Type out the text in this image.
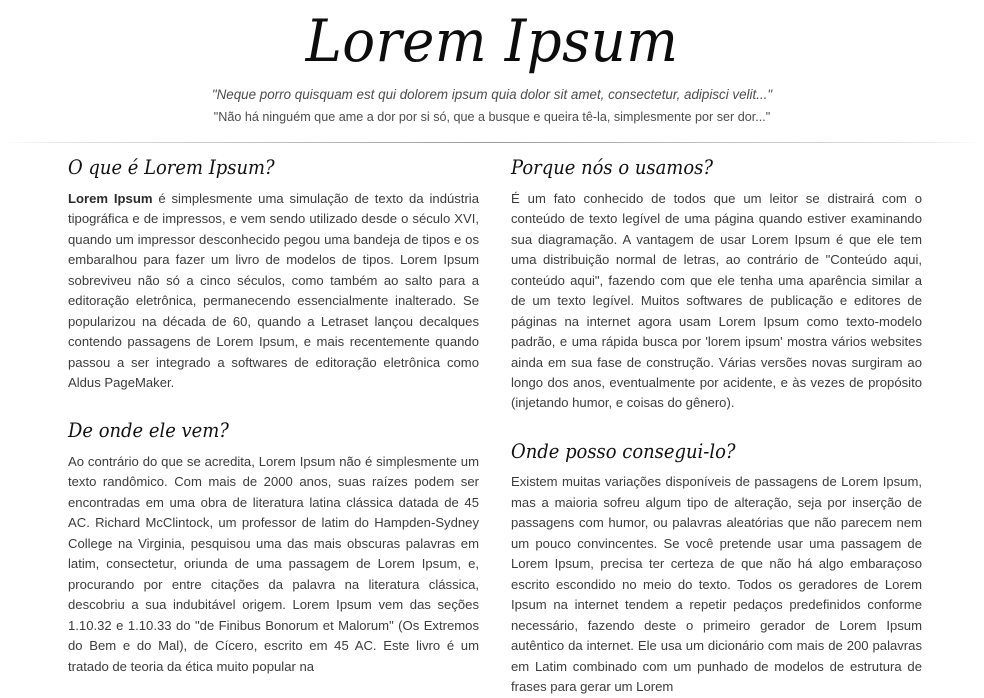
Lorem Ipsum

"Neque porro quisquam est qui dolorem ipsum quia dolor sit amet, consectetur, adipisci velit..."

"Não há ninguém que ame a dor por si só, que a busque e queira tê-la, simplesmente por ser dor..."

O que é Lorem Ipsum?

Lorem Ipsum é simplesmente uma simulação de texto da indústria tipográfica e de impressos, e vem sendo utilizado desde o século XVI, quando um impressor desconhecido pegou uma bandeja de tipos e os embaralhou para fazer um livro de modelos de tipos. Lorem Ipsum sobreviveu não só a cinco séculos, como também ao salto para a editoração eletrônica, permanecendo essencialmente inalterado. Se popularizou na década de 60, quando a Letraset lançou decalques contendo passagens de Lorem Ipsum, e mais recentemente quando passou a ser integrado a softwares de editoração eletrônica como Aldus PageMaker.

De onde ele vem?

Ao contrário do que se acredita, Lorem Ipsum não é simplesmente um texto randômico. Com mais de 2000 anos, suas raízes podem ser encontradas em uma obra de literatura latina clássica datada de 45 AC. Richard McClintock, um professor de latim do Hampden-Sydney College na Virginia, pesquisou uma das mais obscuras palavras em latim, consectetur, oriunda de uma passagem de Lorem Ipsum, e, procurando por entre citações da palavra na literatura clássica, descobriu a sua indubitável origem. Lorem Ipsum vem das seções 1.10.32 e 1.10.33 do "de Finibus Bonorum et Malorum" (Os Extremos do Bem e do Mal), de Cícero, escrito em 45 AC. Este livro é um tratado de teoria da ética muito popular na

Porque nós o usamos?

É um fato conhecido de todos que um leitor se distrairá com o conteúdo de texto legível de uma página quando estiver examinando sua diagramação. A vantagem de usar Lorem Ipsum é que ele tem uma distribuição normal de letras, ao contrário de "Conteúdo aqui, conteúdo aqui", fazendo com que ele tenha uma aparência similar a de um texto legível. Muitos softwares de publicação e editores de páginas na internet agora usam Lorem Ipsum como texto-modelo padrão, e uma rápida busca por 'lorem ipsum' mostra vários websites ainda em sua fase de construção. Várias versões novas surgiram ao longo dos anos, eventualmente por acidente, e às vezes de propósito (injetando humor, e coisas do gênero).

Onde posso consegui-lo?

Existem muitas variações disponíveis de passagens de Lorem Ipsum, mas a maioria sofreu algum tipo de alteração, seja por inserção de passagens com humor, ou palavras aleatórias que não parecem nem um pouco convincentes. Se você pretende usar uma passagem de Lorem Ipsum, precisa ter certeza de que não há algo embaraçoso escrito escondido no meio do texto. Todos os geradores de Lorem Ipsum na internet tendem a repetir pedaços predefinidos conforme necessário, fazendo deste o primeiro gerador de Lorem Ipsum autêntico da internet. Ele usa um dicionário com mais de 200 palavras em Latim combinado com um punhado de modelos de estrutura de frases para gerar um Lorem
